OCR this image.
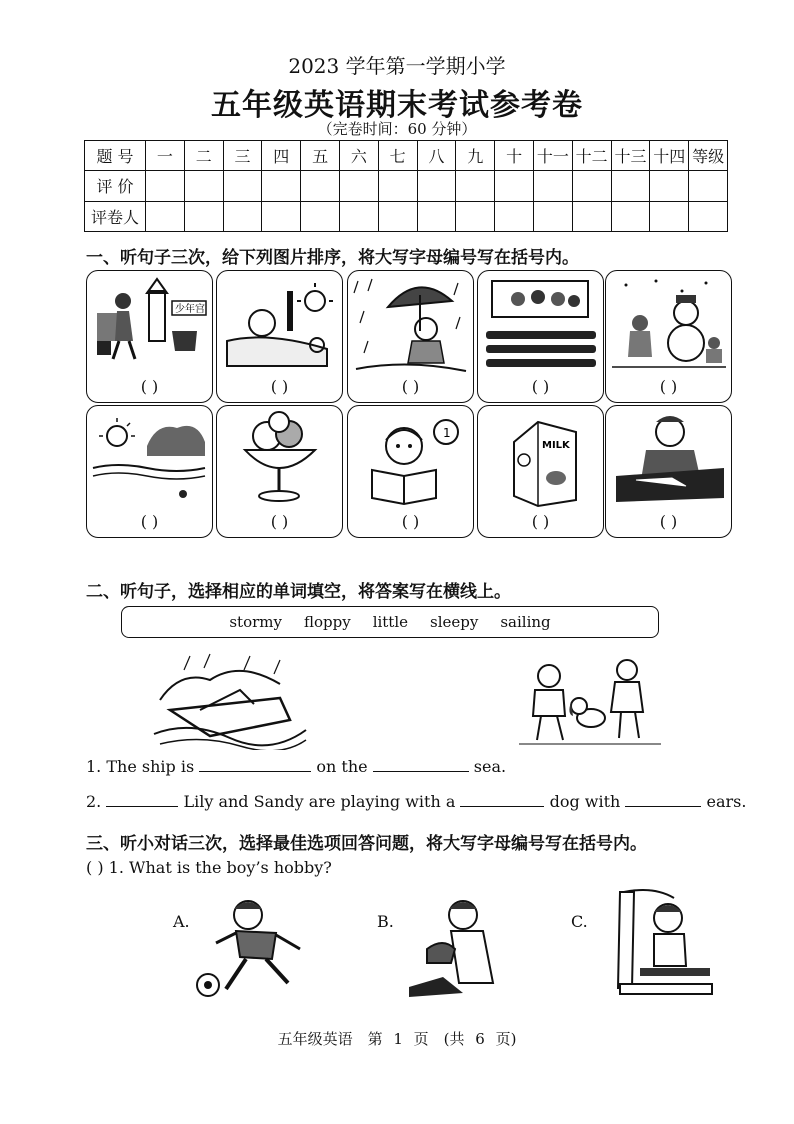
2023 学年第一学期小学
五年级英语期末考试参考卷
（完卷时间：60 分钟）
题 号	一	二	三	四	五	六	七	八	九	十	十一	十二	十三	十四	等级
评 价															
评卷人															
一、听句子三次，给下列图片排序，将大写字母编号写在括号内。
少年宫
( )	( )	( )	( )	( )
( )	( )
1
( )
MILK
( )	( )
二、听句子，选择相应的单词填空，将答案写在横线上。
stormy floppy little sleepy sailing
1. The ship is	on the	sea.
2.	Lily and Sandy are playing with a	dog with	ears.
三、听小对话三次，选择最佳选项回答问题，将大写字母编号写在括号内。
( ) 1. What is the boy’s hobby?
A.	B.	C.
五年级英语　第 1 页　(共 6 页)
